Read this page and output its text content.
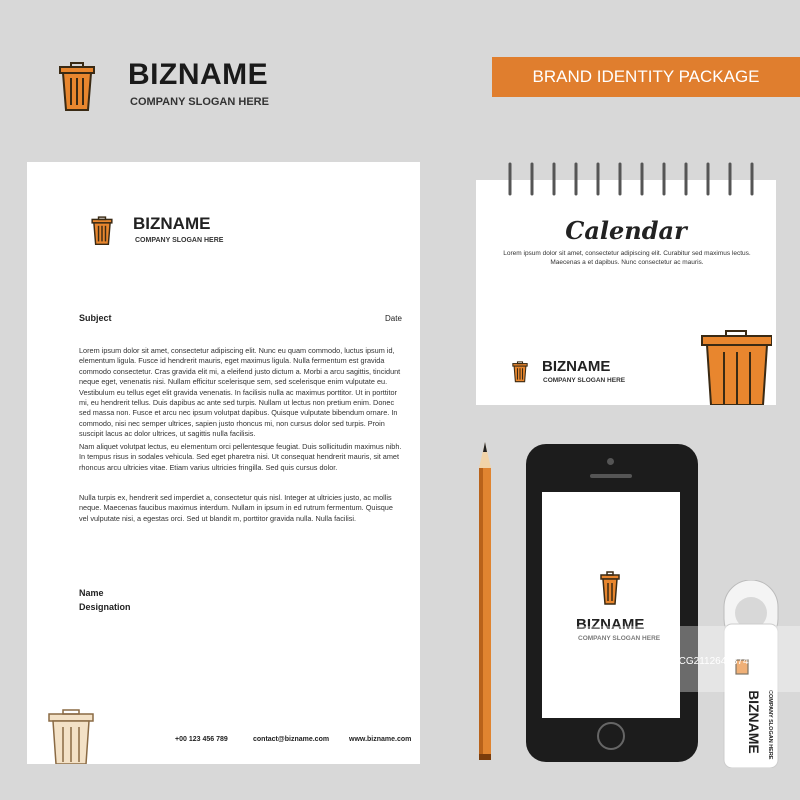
BIZNAME
COMPANY SLOGAN HERE
BRAND IDENTITY PACKAGE
BIZNAME
COMPANY SLOGAN HERE
Subject	Date
Lorem ipsum dolor sit amet, consectetur adipiscing elit. Nunc eu quam commodo, luctus ipsum id, elementum ligula. Fusce id hendrerit mauris, eget maximus ligula. Nulla fermentum est gravida commodo consectetur. Cras gravida elit mi, a eleifend justo dictum a. Morbi a arcu sagittis, tincidunt neque eget, venenatis nisi. Nullam efficitur scelerisque sem, sed scelerisque enim vulputate eu. Vestibulum eu tellus eget elit gravida venenatis. In facilisis nulla ac maximus porttitor. Ut in porttitor mi, eu hendrerit tellus. Duis dapibus ac ante sed turpis. Nullam ut lectus non pretium enim. Donec sed massa non. Fusce et arcu nec ipsum volutpat dapibus. Quisque vulputate bibendum ornare. In commodo, nisi nec semper ultrices, sapien justo rhoncus mi, non cursus dolor sed turpis. Proin suscipit lacus ac dolor ultrices, ut sagittis nulla facilisis.
Nam aliquet volutpat lectus, eu elementum orci pellentesque feugiat. Duis sollicitudin maximus nibh. In tempus risus in sodales vehicula. Sed eget pharetra nisi. Ut consequat hendrerit mauris, sit amet rhoncus arcu ultricies vitae. Etiam varius ultricies fringilla. Sed quis cursus dolor.
Nulla turpis ex, hendrerit sed imperdiet a, consectetur quis nisl. Integer at ultricies justo, ac mollis neque. Maecenas faucibus maximus interdum. Nullam in ipsum in ed rutrum fermentum. Quisque vel vulputate nisi, a egestas orci. Sed ut blandit m, porttitor gravida nulla. Nulla facilisi.
Name
Designation
+00 123 456 789	contact@bizname.com	www.bizname.com
Calendar
Lorem ipsum dolor sit amet, consectetur adipiscing elit. Curabitur sed maximus lectus. Maecenas a et dapibus. Nunc consectetur ac mauris.
BIZNAME
COMPANY SLOGAN HERE
BIZNAME
COMPANY SLOGAN HERE
BIZNAME COMPANY SLOGAN HERE
VCG	VCG211264237464
